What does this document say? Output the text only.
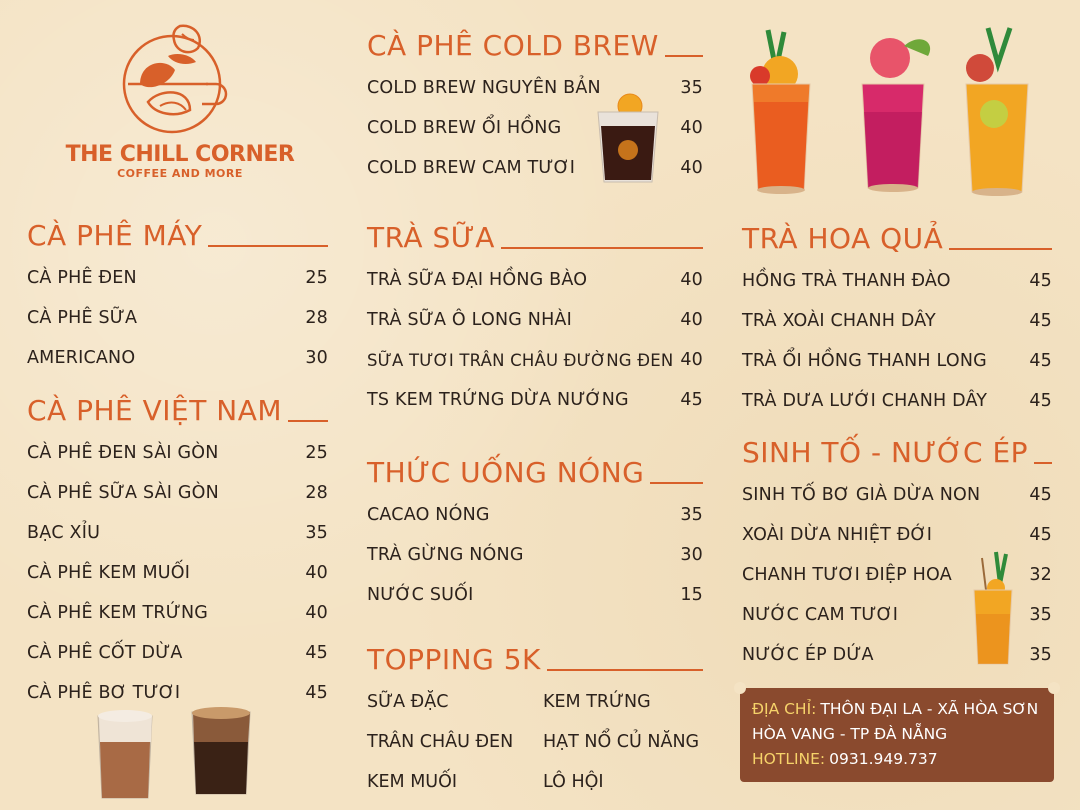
THE CHILL CORNER
COFFEE AND MORE
CÀ PHÊ MÁY
CÀ PHÊ ĐEN	25
CÀ PHÊ SỮA	28
AMERICANO	30
CÀ PHÊ VIỆT NAM
CÀ PHÊ ĐEN SÀI GÒN	25
CÀ PHÊ SỮA SÀI GÒN	28
BẠC XỈU	35
CÀ PHÊ KEM MUỐI	40
CÀ PHÊ KEM TRỨNG	40
CÀ PHÊ CỐT DỪA	45
CÀ PHÊ BƠ TƯƠI	45
CÀ PHÊ COLD BREW
COLD BREW NGUYÊN BẢN	35
COLD BREW ỔI HỒNG	40
COLD BREW CAM TƯƠI	40
TRÀ SỮA
TRÀ SỮA ĐẠI HỒNG BÀO	40
TRÀ SỮA Ô LONG NHÀI	40
SỮA TƯƠI TRÂN CHÂU ĐƯỜNG ĐEN 40
TS KEM TRỨNG DỪA NƯỚNG	45
THỨC UỐNG NÓNG
CACAO NÓNG	35
TRÀ GỪNG NÓNG	30
NƯỚC SUỐI	15
TOPPING 5K
SỮA ĐẶC	KEM TRỨNG
TRÂN CHÂU ĐEN	HẠT NỔ CỦ NĂNG
KEM MUỐI	LÔ HỘI
TRÀ HOA QUẢ
HỒNG TRÀ THANH ĐÀO	45
TRÀ XOÀI CHANH DÂY	45
TRÀ ỔI HỒNG THANH LONG 45
TRÀ DƯA LƯỚI CHANH DÂY 45
SINH TỐ - NƯỚC ÉP
SINH TỐ BƠ GIÀ DỪA NON	45
XOÀI DỪA NHIỆT ĐỚI	45
CHANH TƯƠI ĐIỆP HOA	32
NƯỚC CAM TƯƠI	35
NƯỚC ÉP DỨA	35
ĐỊA CHỈ: THÔN ĐẠI LA - XÃ HÒA SƠN
HÒA VANG - TP ĐÀ NẴNG
HOTLINE: 0931.949.737
